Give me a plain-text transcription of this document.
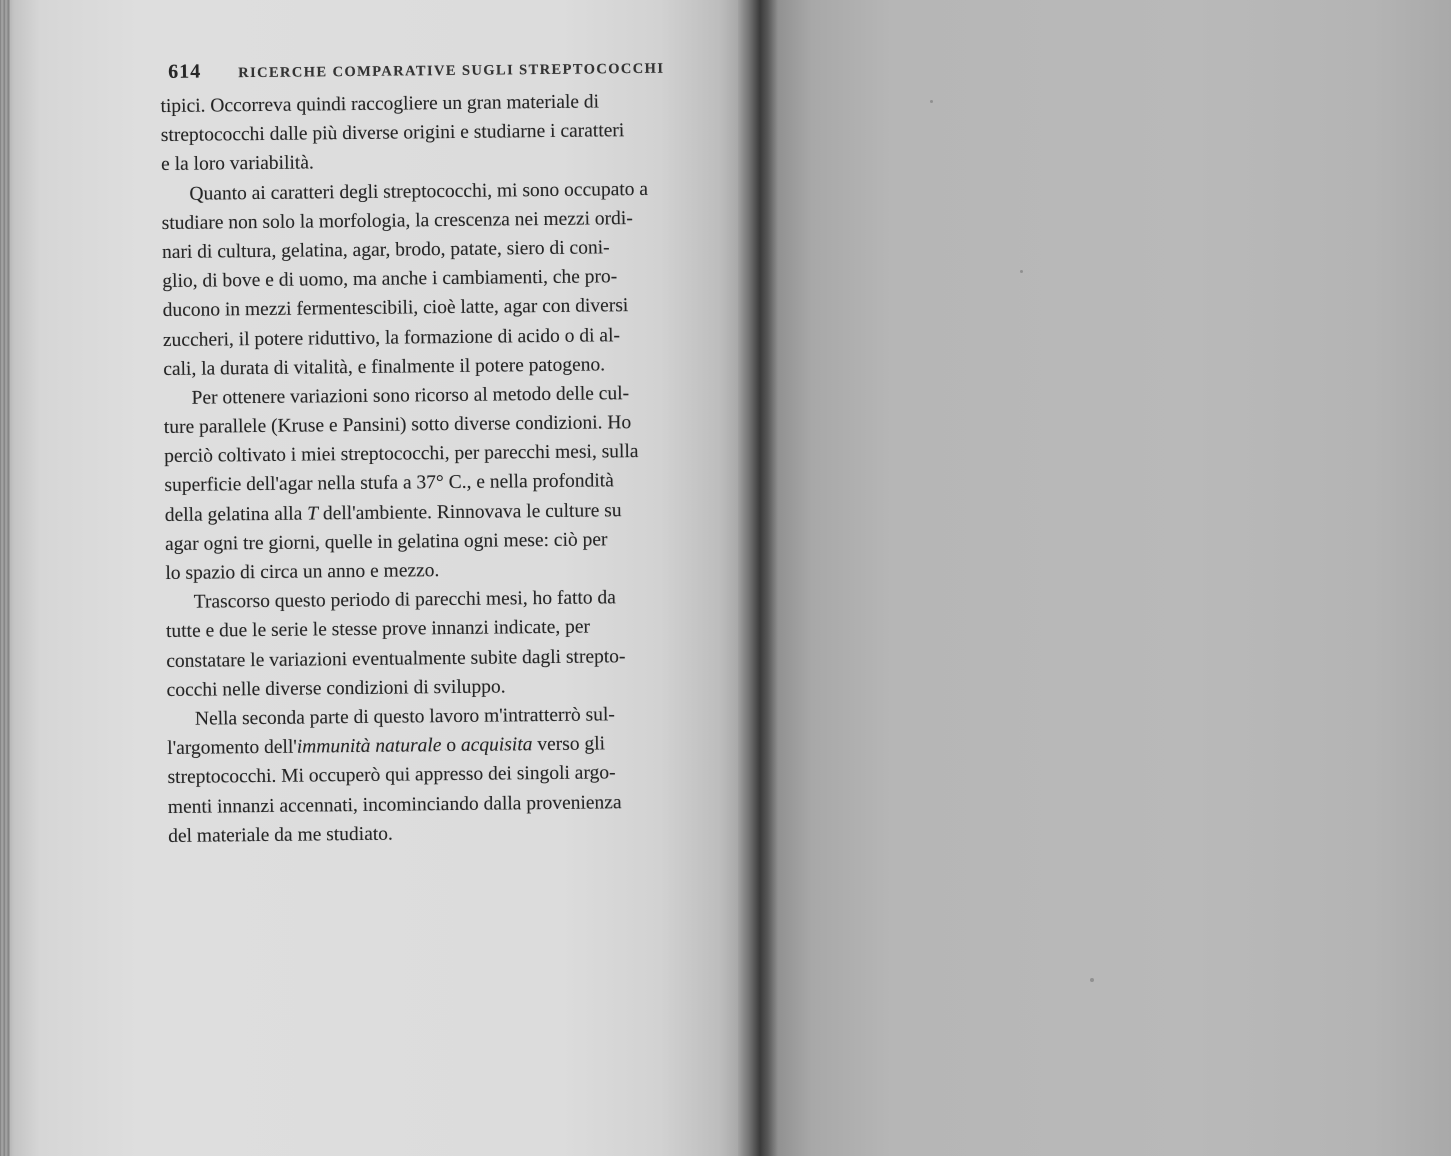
614	RICERCHE COMPARATIVE SUGLI STREPTOCOCCHI
tipici. Occorreva quindi raccogliere un gran materiale di
streptococchi dalle più diverse origini e studiarne i caratteri
e la loro variabilità.
Quanto ai caratteri degli streptococchi, mi sono occupato a
studiare non solo la morfologia, la crescenza nei mezzi ordi-
nari di cultura, gelatina, agar, brodo, patate, siero di coni-
glio, di bove e di uomo, ma anche i cambiamenti, che pro-
ducono in mezzi fermentescibili, cioè latte, agar con diversi
zuccheri, il potere riduttivo, la formazione di acido o di al-
cali, la durata di vitalità, e finalmente il potere patogeno.
Per ottenere variazioni sono ricorso al metodo delle cul-
ture parallele (Kruse e Pansini) sotto diverse condizioni. Ho
perciò coltivato i miei streptococchi, per parecchi mesi, sulla
superficie dell'agar nella stufa a 37° C., e nella profondità
della gelatina alla T dell'ambiente. Rinnovava le culture su
agar ogni tre giorni, quelle in gelatina ogni mese: ciò per
lo spazio di circa un anno e mezzo.
Trascorso questo periodo di parecchi mesi, ho fatto da
tutte e due le serie le stesse prove innanzi indicate, per
constatare le variazioni eventualmente subite dagli strepto-
cocchi nelle diverse condizioni di sviluppo.
Nella seconda parte di questo lavoro m'intratterrò sul-
l'argomento dell'immunità naturale o acquisita verso gli
streptococchi. Mi occuperò qui appresso dei singoli argo-
menti innanzi accennati, incominciando dalla provenienza
del materiale da me studiato.
